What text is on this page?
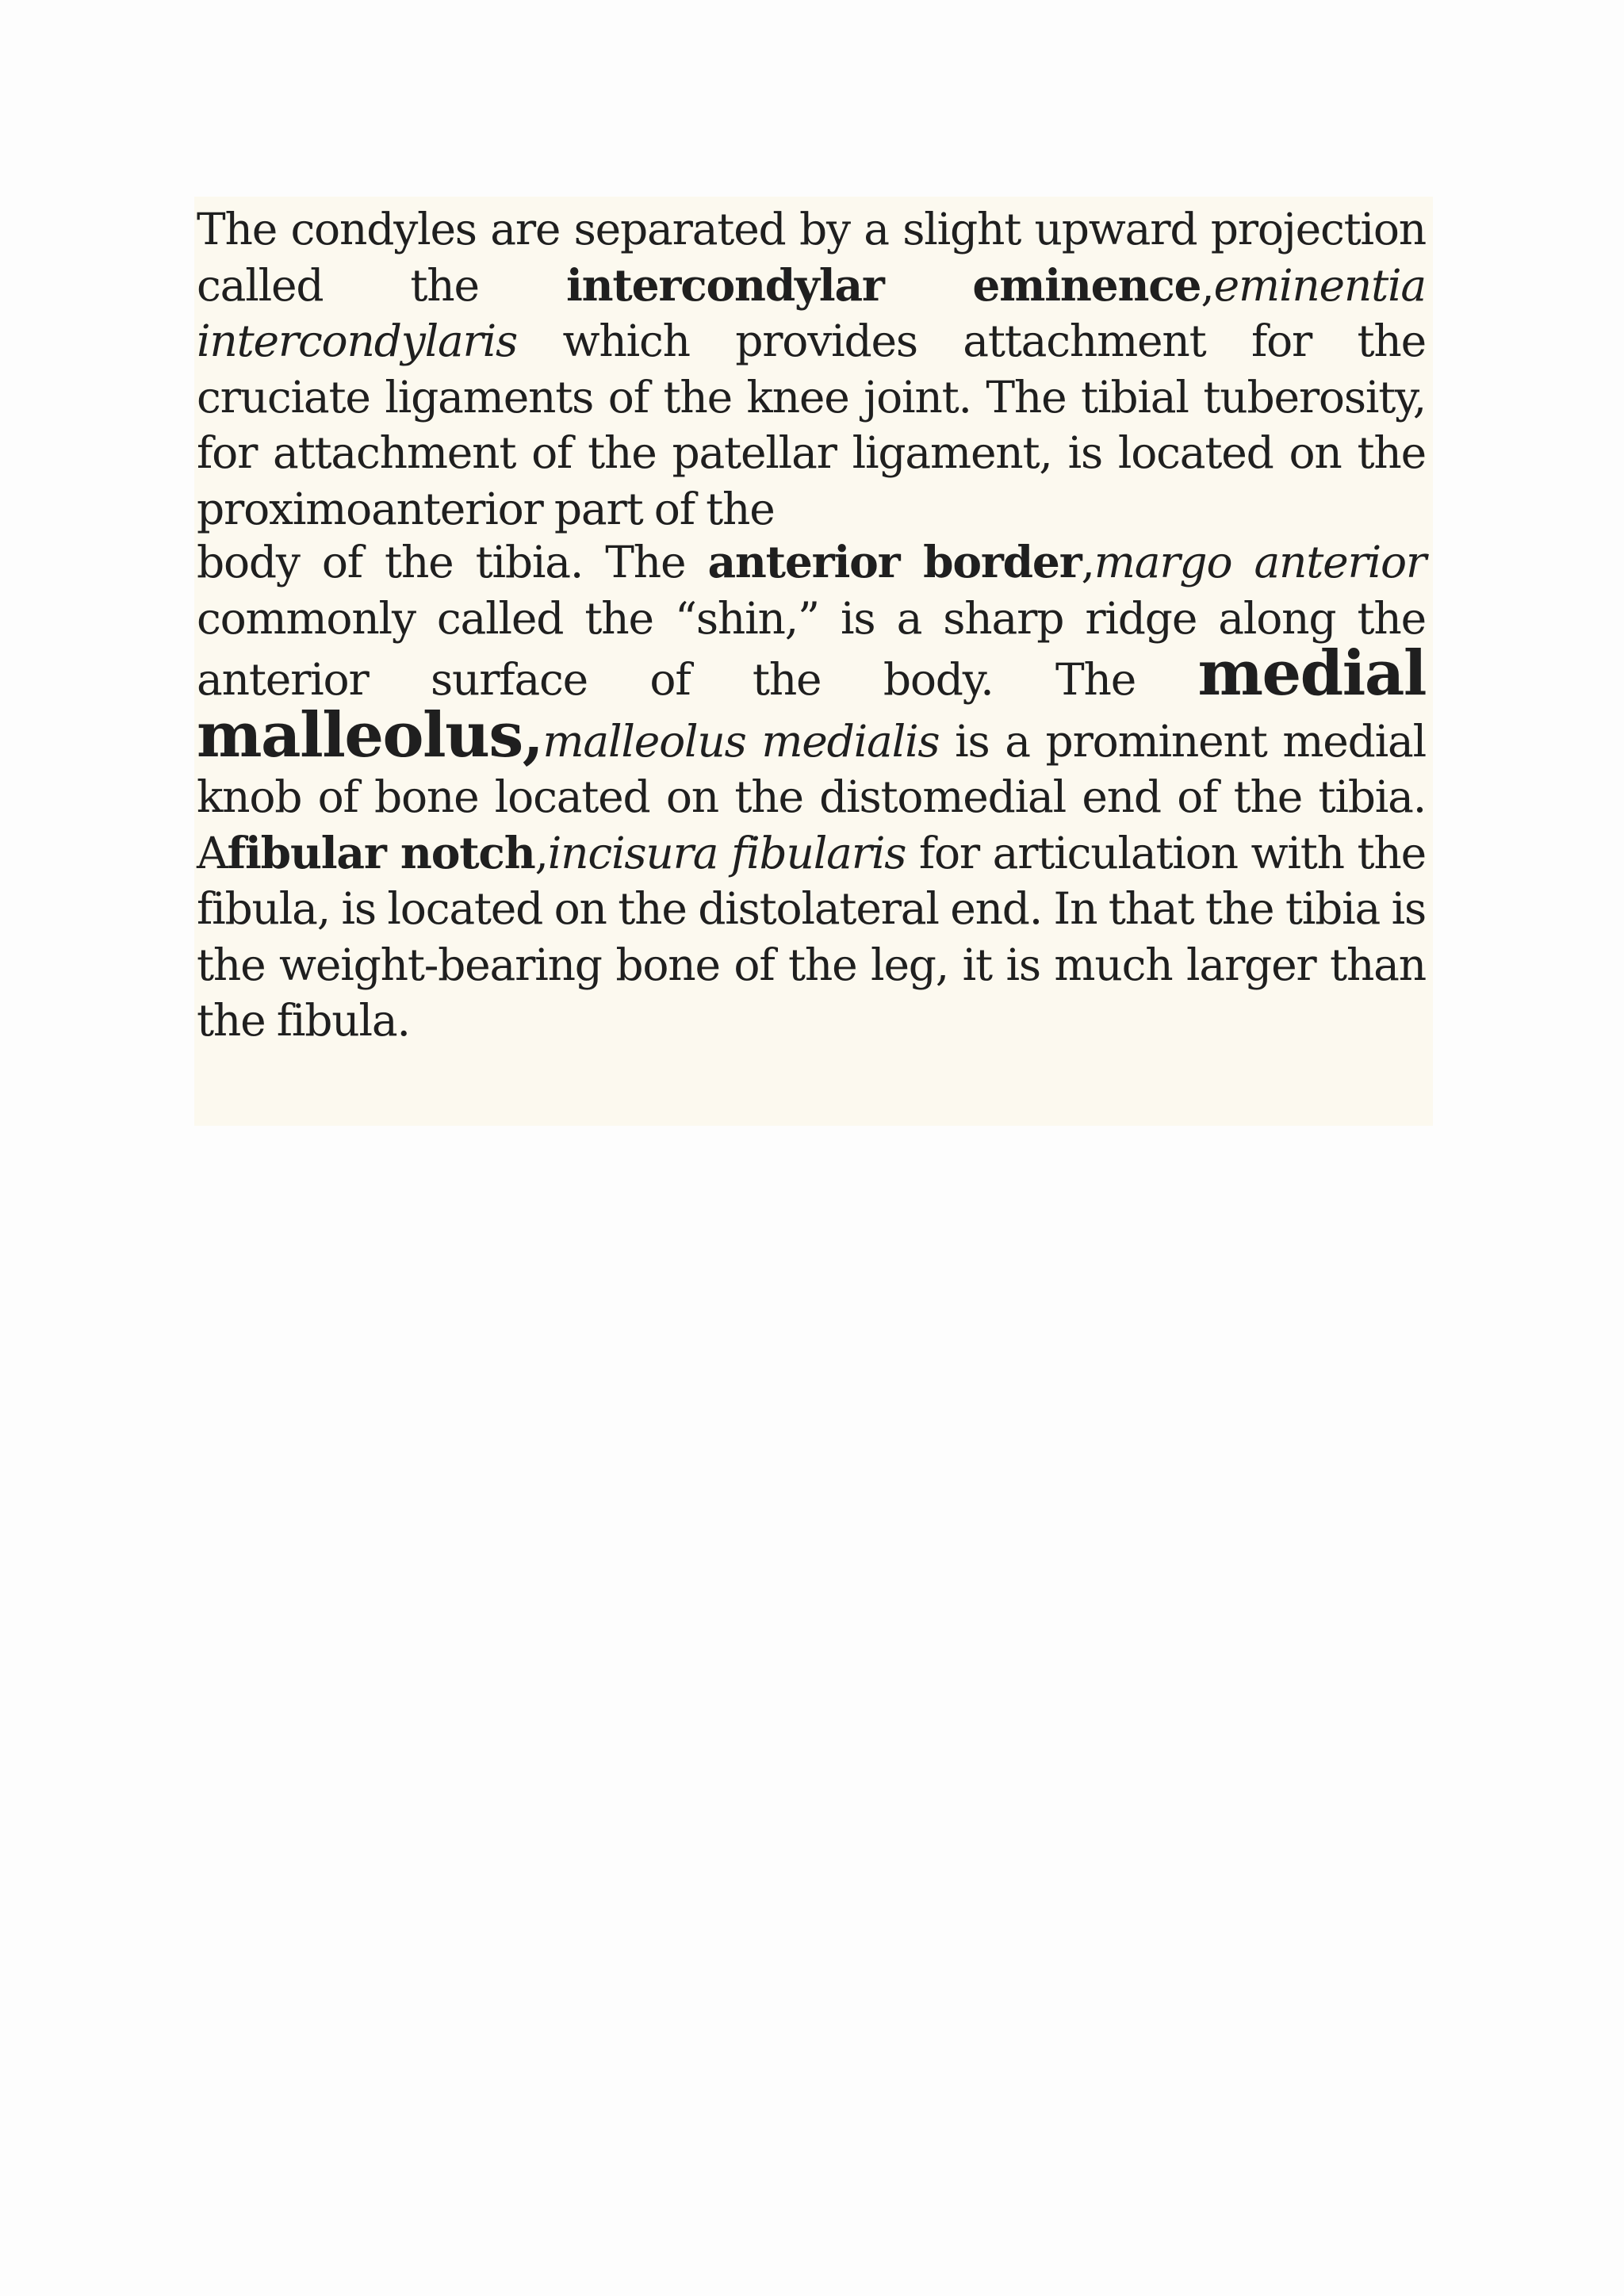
The condyles are separated by a slight upward projection called the intercondylar eminence,eminentia intercondylaris which provides attachment for the cruciate ligaments of the knee joint. The tibial tuberosity, for attachment of the patellar ligament, is located on the proximoanterior part of the

body of the tibia. The anterior border,margo anterior commonly called the “shin,” is a sharp ridge along the anterior surface of the body. The medial malleolus,malleolus medialis is a prominent medial knob of bone located on the distomedial end of the tibia. Afibular notch,incisura fibularis for articulation with the fibula, is located on the distolateral end. In that the tibia is the weight-bearing bone of the leg, it is much larger than the fibula.
